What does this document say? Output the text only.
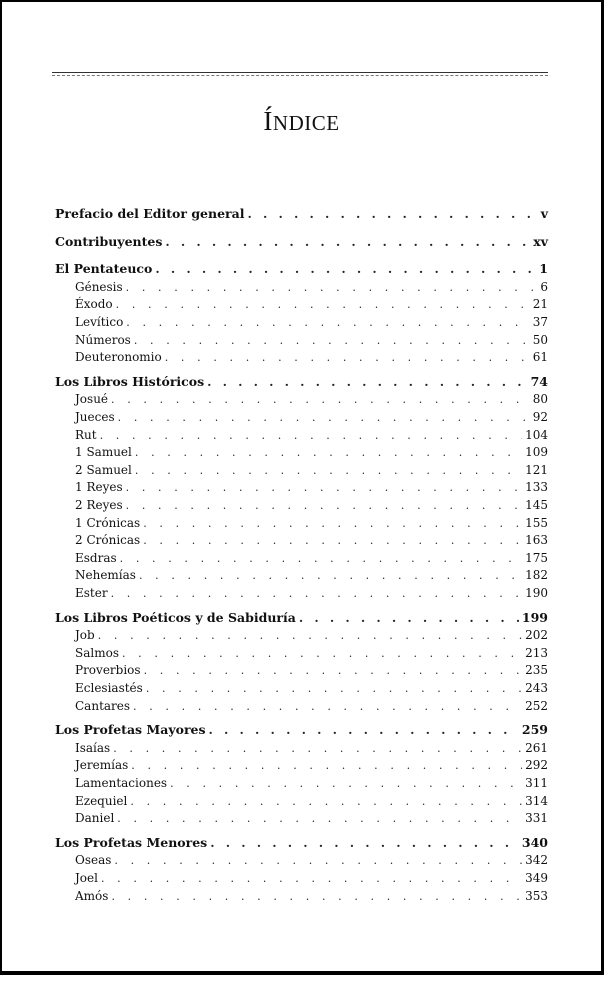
ÍNDICE
Prefacio del Editor general . . .	v
Contribuyentes . . .	xv
El Pentateuco . . .	1
Génesis . . .	6
Éxodo . . .	21
Levítico . . .	37
Números . . .	50
Deuteronomio . . .	61
Los Libros Históricos . . .	74
Josué . . .	80
Jueces . . .	92
Rut . . .	104
1 Samuel . . .	109
2 Samuel . . .	121
1 Reyes . . .	133
2 Reyes . . .	145
1 Crónicas . . .	155
2 Crónicas . . .	163
Esdras . . .	175
Nehemías . . .	182
Ester . . .	190
Los Libros Poéticos y de Sabiduría . . .	199
Job . . .	202
Salmos . . .	213
Proverbios . . .	235
Eclesiastés . . .	243
Cantares . . .	252
Los Profetas Mayores . . .	259
Isaías . . .	261
Jeremías . . .	292
Lamentaciones . . .	311
Ezequiel . . .	314
Daniel . . .	331
Los Profetas Menores . . .	340
Oseas . . .	342
Joel . . .	349
Amós . . .	353
